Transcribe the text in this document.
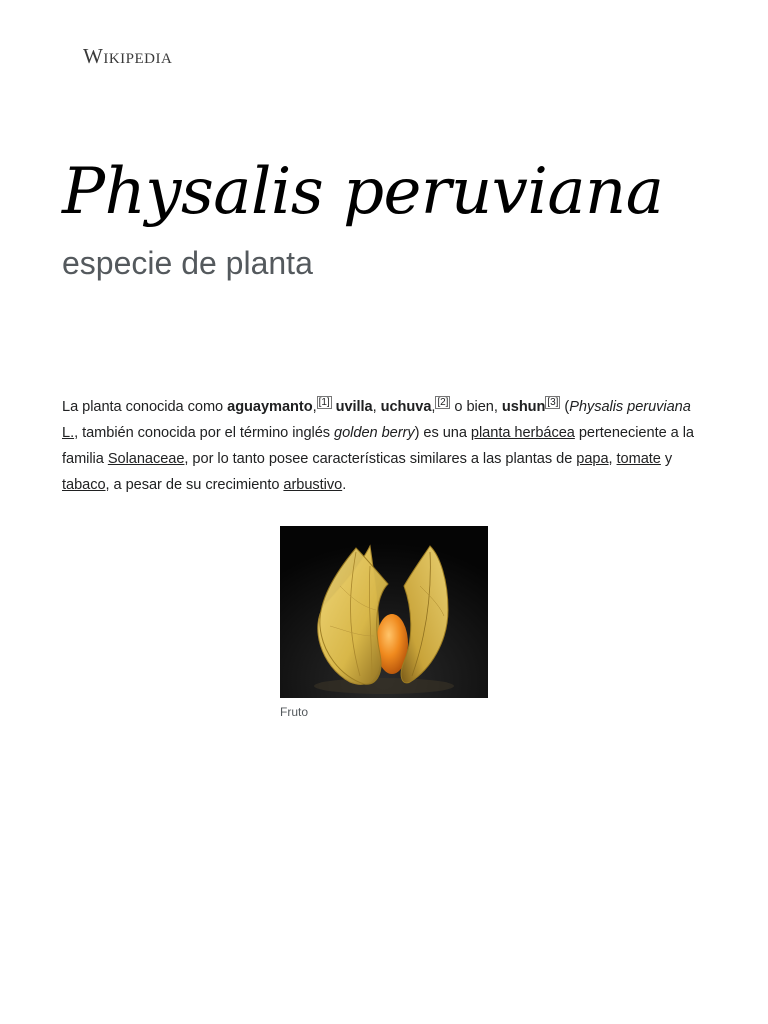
Wikipedia
Physalis peruviana
especie de planta

La planta conocida como aguaymanto, [1] uvilla, uchuva, [2] o bien, ushun [3] (Physalis peruviana L., también conocida por el término inglés golden berry) es una planta herbácea perteneciente a la familia Solanaceae, por lo tanto posee características similares a las plantas de papa, tomate y tabaco, a pesar de su crecimiento arbustivo.

Fruto
